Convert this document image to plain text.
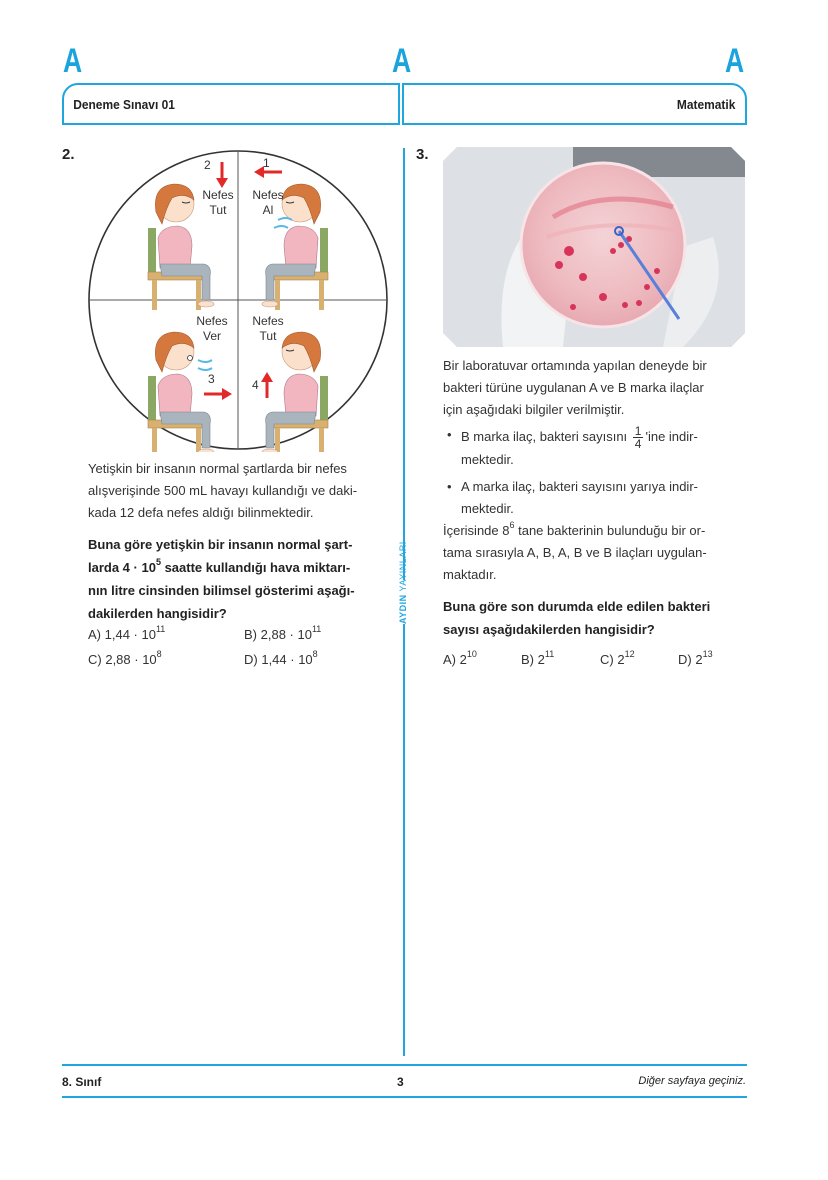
A	A	A
Deneme Sınavı 01	Matematik
AYDIN YAYINLARI
2.
2
Nefes
Tut
1
Nefes
Al
Nefes
Ver
3
Nefes
Tut
4
Yetişkin bir insanın normal şartlarda bir nefes
alışverişinde 500 mL havayı kullandığı ve daki-
kada 12 defa nefes aldığı bilinmektedir.
Buna göre yetişkin bir insanın normal şart-
larda $4 \cdot 10^5$ saatte kullandığı hava miktarı-
nın litre cinsinden bilimsel gösterimi aşağı-
dakilerden hangisidir?
A) $1,44 \cdot 10^{11}$	B) $2,88 \cdot 10^{11}$
C) $2,88 \cdot 10^8$	D) $1,44 \cdot 10^8$
3.
Bir laboratuvar ortamında yapılan deneyde bir
bakteri türüne uygulanan A ve B marka ilaçlar
için aşağıdaki bilgiler verilmiştir.
• B marka ilaç, bakteri sayısını $\frac{1}{4}$ 'ine indir-
mektedir.
• A marka ilaç, bakteri sayısını yarıya indir-
mektedir.
İçerisinde $8^6$ tane bakterinin bulunduğu bir or-
tama sırasıyla A, B, A, B ve B ilaçları uygulan-
maktadır.
Buna göre son durumda elde edilen bakteri
sayısı aşağıdakilerden hangisidir?
A) $2^{10}$	B) $2^{11}$	C) $2^{12}$	D) $2^{13}$
8. Sınıf	3	Diğer sayfaya geçiniz.
